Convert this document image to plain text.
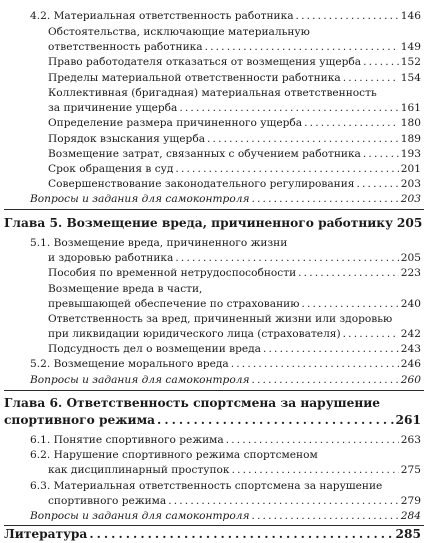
4.2. Материальная ответственность работника . . .	146
Обстоятельства, исключающие материальную
ответственность работника . . .	149
Право работодателя отказаться от возмещения ущерба . . .	152
Пределы материальной ответственности работника . . .	154
Коллективная (бригадная) материальная ответственность
за причинение ущерба . . .	161
Определение размера причиненного ущерба . . .	180
Порядок взыскания ущерба . . .	189
Возмещение затрат, связанных с обучением работника . . .	193
Срок обращения в суд . . .	201
Совершенствование законодательного регулирования . . .	203
Вопросы и задания для самоконтроля . . .	203
Глава 5. Возмещение вреда, причиненного работнику 205
5.1. Возмещение вреда, причиненного жизни
и здоровью работника . . .	205
Пособия по временной нетрудоспособности . . .	223
Возмещение вреда в части,
превышающей обеспечение по страхованию . . .	240
Ответственность за вред, причиненный жизни или здоровью
при ликвидации юридического лица (страхователя) . . .	242
Подсудность дел о возмещении вреда . . .	243
5.2. Возмещение морального вреда . . .	246
Вопросы и задания для самоконтроля . . .	260
Глава 6. Ответственность спортсмена за нарушение
спортивного режима . . .	261
6.1. Понятие спортивного режима . . .	263
6.2. Нарушение спортивного режима спортсменом
как дисциплинарный проступок . . .	275
6.3. Материальная ответственность спортсмена за нарушение
спортивного режима . . .	279
Вопросы и задания для самоконтроля . . .	284
Литература . . .	285
